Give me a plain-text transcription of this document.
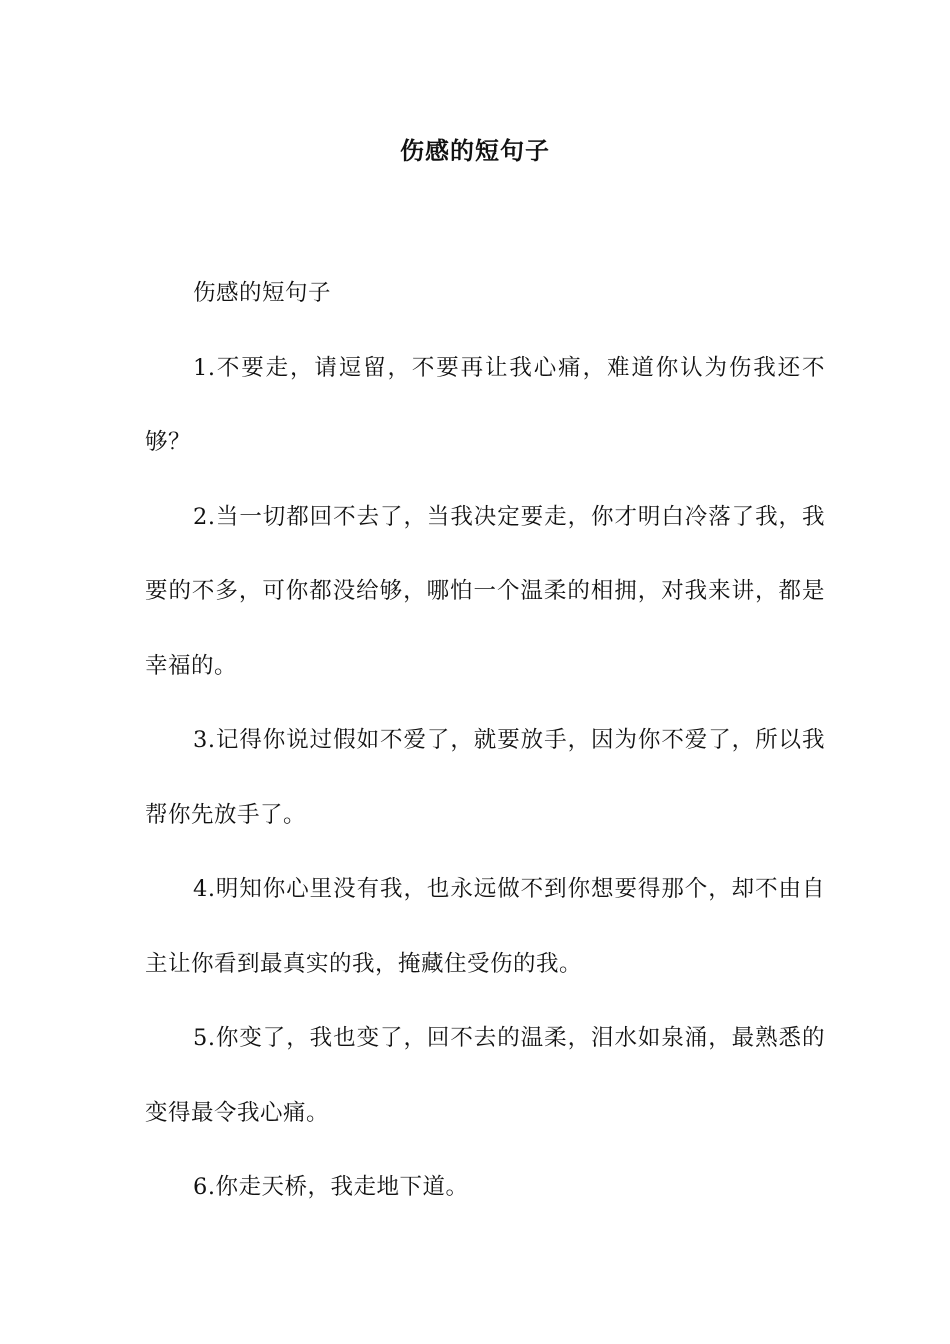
伤感的短句子

伤感的短句子

1.不要走，请逗留，不要再让我心痛，难道你认为伤我还不够？

2.当一切都回不去了，当我决定要走，你才明白冷落了我，我要的不多，可你都没给够，哪怕一个温柔的相拥，对我来讲，都是幸福的。

3.记得你说过假如不爱了，就要放手，因为你不爱了，所以我帮你先放手了。

4.明知你心里没有我，也永远做不到你想要得那个，却不由自主让你看到最真实的我，掩藏住受伤的我。

5.你变了，我也变了，回不去的温柔，泪水如泉涌，最熟悉的变得最令我心痛。

6.你走天桥，我走地下道。
